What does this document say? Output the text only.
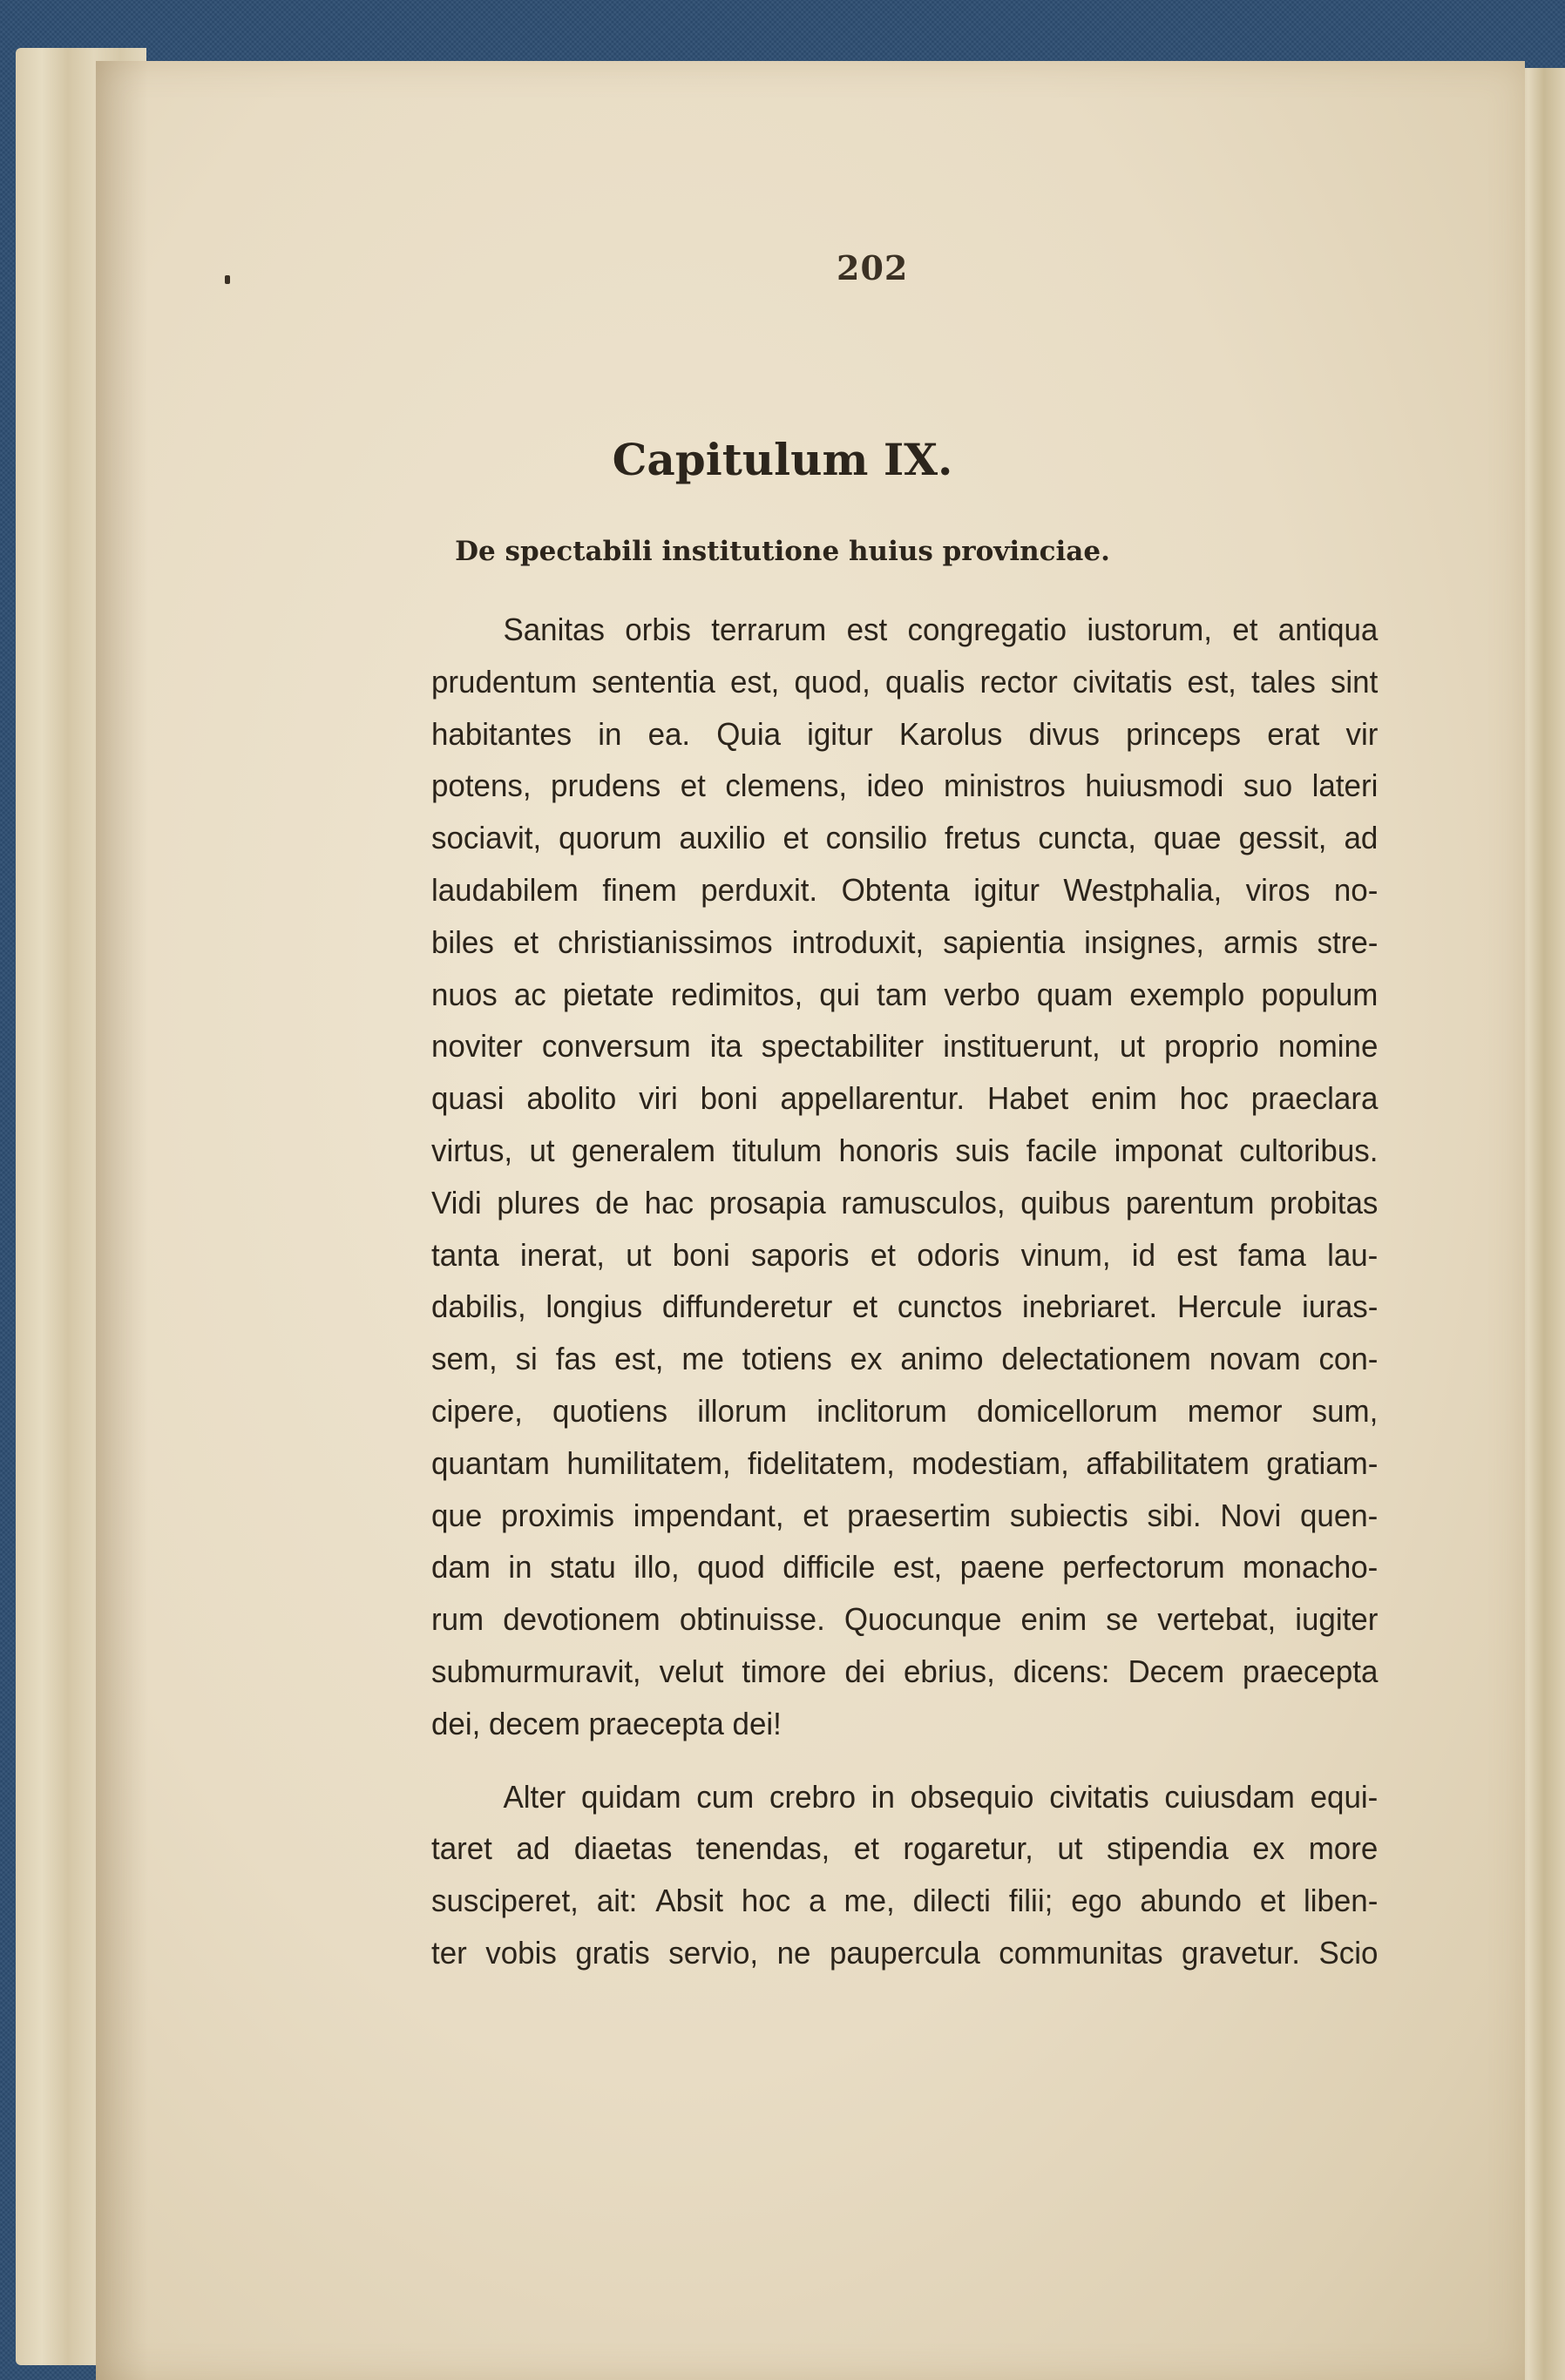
202
Capitulum IX.
De spectabili institutione huius provinciae.
Sanitas orbis terrarum est congregatio iustorum, et antiqua
prudentum sententia est, quod, qualis rector civitatis est, tales sint
habitantes in ea. Quia igitur Karolus divus princeps erat vir
potens, prudens et clemens, ideo ministros huiusmodi suo lateri
sociavit, quorum auxilio et consilio fretus cuncta, quae gessit, ad
laudabilem finem perduxit. Obtenta igitur Westphalia, viros no-
biles et christianissimos introduxit, sapientia insignes, armis stre-
nuos ac pietate redimitos, qui tam verbo quam exemplo populum
noviter conversum ita spectabiliter instituerunt, ut proprio nomine
quasi abolito viri boni appellarentur. Habet enim hoc praeclara
virtus, ut generalem titulum honoris suis facile imponat cultoribus.
Vidi plures de hac prosapia ramusculos, quibus parentum probitas
tanta inerat, ut boni saporis et odoris vinum, id est fama lau-
dabilis, longius diffunderetur et cunctos inebriaret. Hercule iuras-
sem, si fas est, me totiens ex animo delectationem novam con-
cipere, quotiens illorum inclitorum domicellorum memor sum,
quantam humilitatem, fidelitatem, modestiam, affabilitatem gratiam-
que proximis impendant, et praesertim subiectis sibi. Novi quen-
dam in statu illo, quod difficile est, paene perfectorum monacho-
rum devotionem obtinuisse. Quocunque enim se vertebat, iugiter
submurmuravit, velut timore dei ebrius, dicens: Decem praecepta
dei, decem praecepta dei!
Alter quidam cum crebro in obsequio civitatis cuiusdam equi-
taret ad diaetas tenendas, et rogaretur, ut stipendia ex more
susciperet, ait: Absit hoc a me, dilecti filii; ego abundo et liben-
ter vobis gratis servio, ne paupercula communitas gravetur. Scio
